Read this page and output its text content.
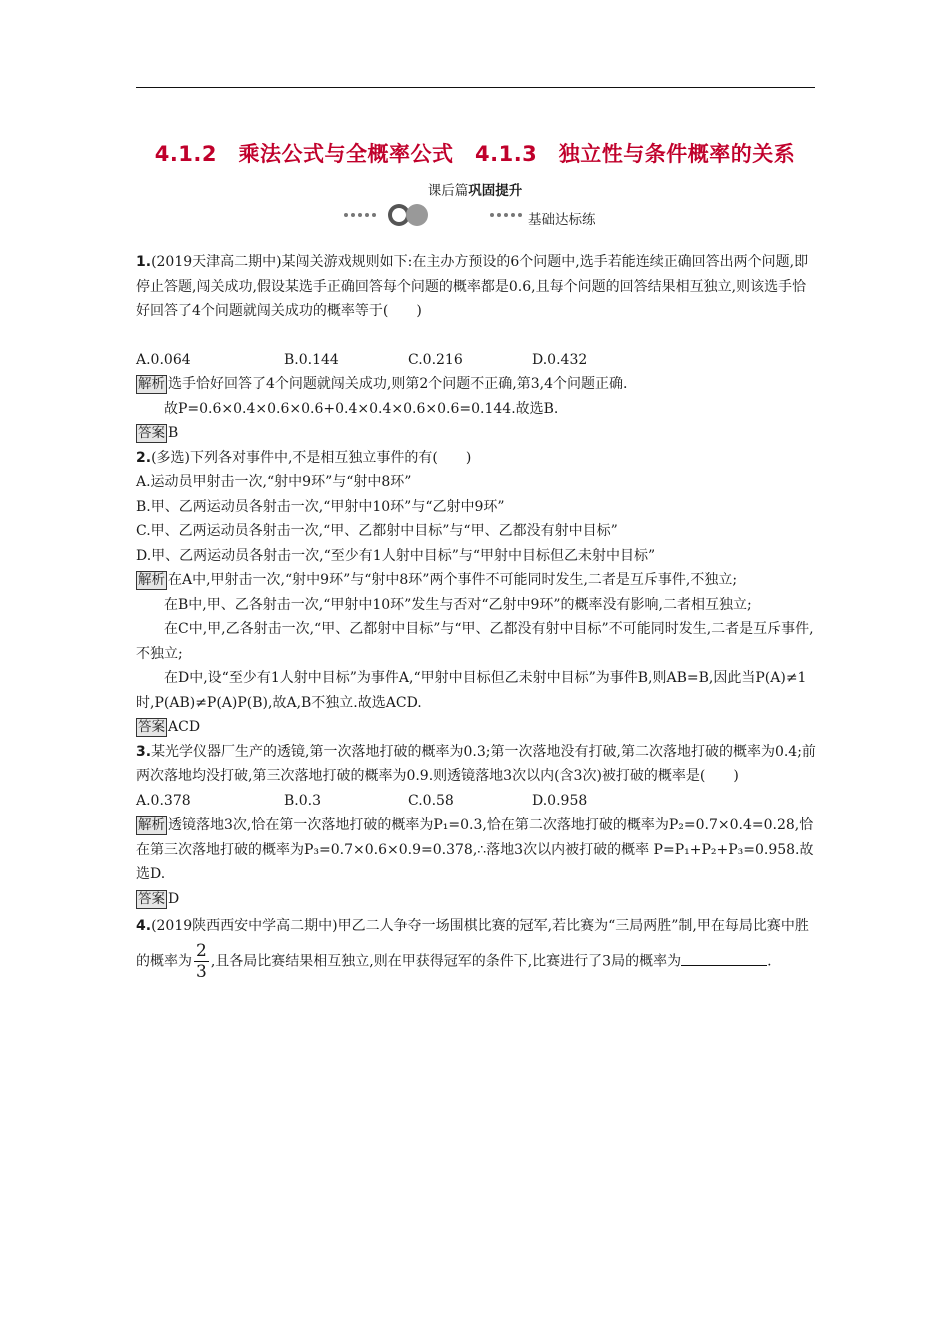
4.1.2　乘法公式与全概率公式　4.1.3　独立性与条件概率的关系
课后篇巩固提升
基础达标练

1.(2019天津高二期中)某闯关游戏规则如下:在主办方预设的6个问题中,选手若能连续正确回答出两个问题,即停止答题,闯关成功,假设某选手正确回答每个问题的概率都是0.6,且每个问题的回答结果相互独立,则该选手恰好回答了4个问题就闯关成功的概率等于(　　)

A.0.064	B.0.144	C.0.216	D.0.432

解析 选手恰好回答了4个问题就闯关成功,则第2个问题不正确,第3,4个问题正确.

故P=0.6×0.4×0.6×0.6+0.4×0.4×0.6×0.6=0.144.故选B.

答案 B

2.(多选)下列各对事件中,不是相互独立事件的有(　　)

A.运动员甲射击一次,“射中9环”与“射中8环”

B.甲、乙两运动员各射击一次,“甲射中10环”与“乙射中9环”

C.甲、乙两运动员各射击一次,“甲、乙都射中目标”与“甲、乙都没有射中目标”

D.甲、乙两运动员各射击一次,“至少有1人射中目标”与“甲射中目标但乙未射中目标”

解析 在A中,甲射击一次,“射中9环”与“射中8环”两个事件不可能同时发生,二者是互斥事件,不独立;

在B中,甲、乙各射击一次,“甲射中10环”发生与否对“乙射中9环”的概率没有影响,二者相互独立;

在C中,甲,乙各射击一次,“甲、乙都射中目标”与“甲、乙都没有射中目标”不可能同时发生,二者是互斥事件,不独立;

在D中,设“至少有1人射中目标”为事件A,“甲射中目标但乙未射中目标”为事件B,则AB=B,因此当P(A)≠1时,P(AB)≠P(A)P(B),故A,B不独立.故选ACD.

答案 ACD

3.某光学仪器厂生产的透镜,第一次落地打破的概率为0.3;第一次落地没有打破,第二次落地打破的概率为0.4;前两次落地均没打破,第三次落地打破的概率为0.9.则透镜落地3次以内(含3次)被打破的概率是(　　)

A.0.378	B.0.3	C.0.58	D.0.958

解析 透镜落地3次,恰在第一次落地打破的概率为P₁=0.3,恰在第二次落地打破的概率为P₂=0.7×0.4=0.28,恰在第三次落地打破的概率为P₃=0.7×0.6×0.9=0.378,∴落地3次以内被打破的概率 P=P₁+P₂+P₃=0.958.故选D.

答案 D

4.(2019陕西西安中学高二期中)甲乙二人争夺一场围棋比赛的冠军,若比赛为“三局两胜”制,甲在每局比赛中胜的概率为 $\frac{2}{3}$ ,且各局比赛结果相互独立,则在甲获得冠军的条件下,比赛进行了3局的概率为	.
